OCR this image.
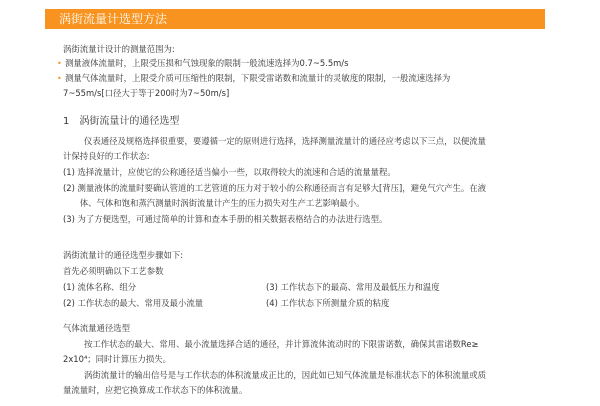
涡街流量计选型方法
涡街流量计设计的测量范围为:
• 测量液体流量时，上限受压损和气蚀现象的限制一般流速选择为0.7~5.5m/s
• 测量气体流量时，上限受介质可压缩性的限制，下限受雷诺数和流量计的灵敏度的限制，一般流速选择为
7~55m/s[口径大于等于200时为7~50m/s]
1　涡街流量计的通径选型
仪表通径及规格选择很重要，要遵循一定的原则进行选择，选择测量流量计的通径应考虑以下三点，以便流量
计保持良好的工作状态:
(1) 选择流量计，应使它的公称通径适当偏小一些，以取得较大的流速和合适的流量量程。
(2) 测量液体的流量时要确认管道的工艺管道的压力对于较小的公称通径而言有足够大[背压]，避免气穴产生。在液
　　体、气体和饱和蒸汽测量时涡街流量计产生的压力损失对生产工艺影响最小。
(3) 为了方便选型，可通过简单的计算和查本手册的相关数据表格结合的办法进行选型。
涡街流量计的通径选型步骤如下:
首先必须明确以下工艺参数
(1) 流体名称、组分
(2) 工作状态的最大、常用及最小流量
(3) 工作状态下的最高、常用及最低压力和温度
(4) 工作状态下所测量介质的粘度
气体流量通径选型
按工作状态的最大、常用、最小流量选择合适的通径，并计算流体流动时的下限雷诺数，确保其雷诺数Re≥
2x10⁴；同时计算压力损失。
涡街流量计的输出信号是与工作状态的体积流量成正比的，因此如已知气体流量是标准状态下的体积流量或质
量流量时，应把它换算成工作状态下的体积流量。
